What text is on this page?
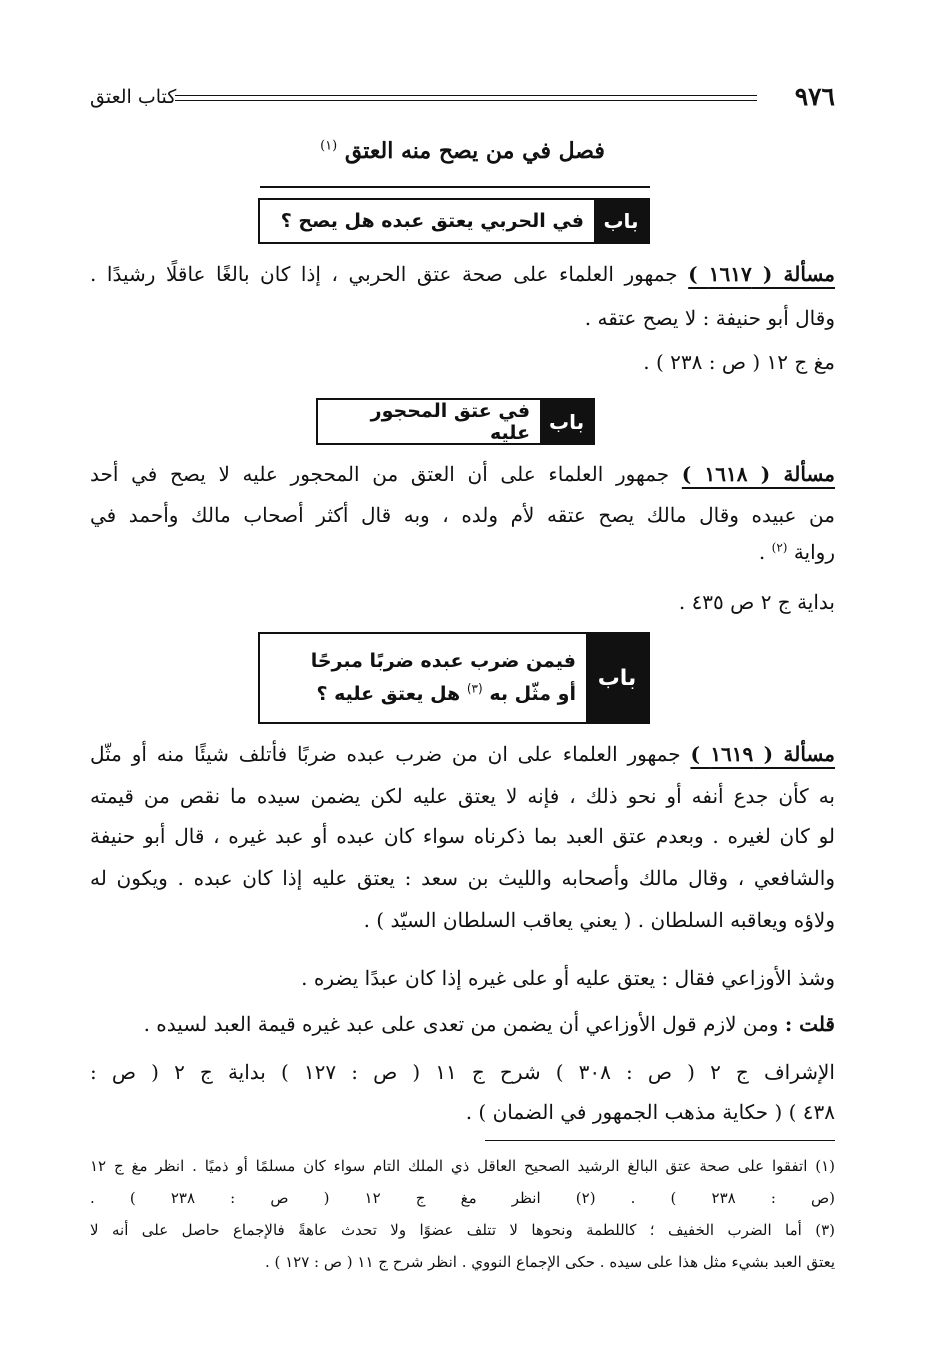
٩٧٦
كتاب العتق
فصل في من يصح منه العتق $^{(١)}$
باب
في الحربي يعتق عبده هل يصح ؟
مسألة ( ١٦١٧ ) جمهور العلماء على صحة عتق الحربي ، إذا كان بالغًا عاقلًا رشيدًا .
وقال أبو حنيفة : لا يصح عتقه .
مغ ج ١٢ ( ص : ٢٣٨ ) .
باب
في عتق المحجور عليه
مسألة ( ١٦١٨ ) جمهور العلماء على أن العتق من المحجور عليه لا يصح في أحد
من عبيده وقال مالك يصح عتقه لأم ولده ، وبه قال أكثر أصحاب مالك وأحمد في
رواية $^{(٢)}$ .
بداية ج ٢ ص ٤٣٥ .
باب
فيمن ضرب عبده ضربًا مبرحًا
أو مثّل به $^{(٣)}$ هل يعتق عليه ؟
مسألة ( ١٦١٩ ) جمهور العلماء على ان من ضرب عبده ضربًا فأتلف شيئًا منه أو مثّل
به كأن جدع أنفه أو نحو ذلك ، فإنه لا يعتق عليه لكن يضمن سيده ما نقص من قيمته
لو كان لغيره . وبعدم عتق العبد بما ذكرناه سواء كان عبده أو عبد غيره ، قال أبو حنيفة
والشافعي ، وقال مالك وأصحابه والليث بن سعد : يعتق عليه إذا كان عبده . ويكون له
ولاؤه ويعاقبه السلطان . ( يعني يعاقب السلطان السيّد ) .
وشذ الأوزاعي فقال : يعتق عليه أو على غيره إذا كان عبدًا يضره .
قلت : ومن لازم قول الأوزاعي أن يضمن من تعدى على عبد غيره قيمة العبد لسيده .
الإشراف ج ٢ ( ص : ٣٠٨ ) شرح ج ١١ ( ص : ١٢٧ ) بداية ج ٢ ( ص :
٤٣٨ ) ( حكاية مذهب الجمهور في الضمان ) .
(١) اتفقوا على صحة عتق البالغ الرشيد الصحيح العاقل ذي الملك التام سواء كان مسلمًا أو ذميًا . انظر مغ ج ١٢
(ص : ٢٣٨ ) . (٢) انظر مغ ج ١٢ ( ص : ٢٣٨ ) .
(٣) أما الضرب الخفيف ؛ كاللطمة ونحوها لا تتلف عضوًا ولا تحدث عاهةً فالإجماع حاصل على أنه لا
يعتق العبد بشيء مثل هذا على سيده . حكى الإجماع النووي . انظر شرح ج ١١ ( ص : ١٢٧ ) .
